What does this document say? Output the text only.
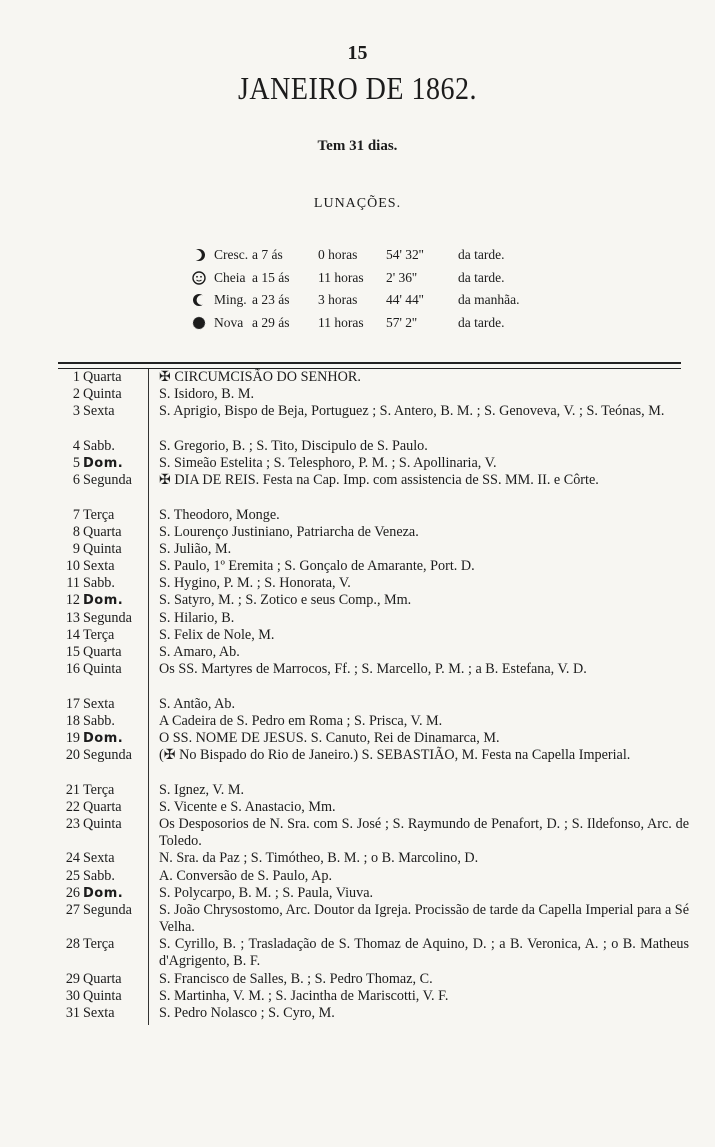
15
JANEIRO DE 1862.
Tem 31 dias.
LUNAÇÕES.
Cresc. a 7 ás	0 horas	54' 32''	da tarde.
Cheia a 15 ás	11 horas	2' 36''	da tarde.
Ming. a 23 ás	3 horas	44' 44''	da manhãa.
Nova a 29 ás	11 horas	57' 2''	da tarde.
1 Quarta	✠ CIRCUMCISÃO DO SENHOR.
2 Quinta	S. Isidoro, B. M.
3 Sexta	S. Aprigio, Bispo de Beja, Portuguez ; S. Antero, B. M. ; S. Genoveva, V. ; S. Teónas, M.
4 Sabb.	S. Gregorio, B. ; S. Tito, Discipulo de S. Paulo.
5 Dom.	S. Simeão Estelita ; S. Telesphoro, P. M. ; S. Apollinaria, V.
6 Segunda	✠ DIA DE REIS. Festa na Cap. Imp. com assistencia de SS. MM. II. e Côrte.
7 Terça	S. Theodoro, Monge.
8 Quarta	S. Lourenço Justiniano, Patriarcha de Veneza.
9 Quinta	S. Julião, M.
10 Sexta	S. Paulo, 1º Eremita ; S. Gonçalo de Amarante, Port. D.
11 Sabb.	S. Hygino, P. M. ; S. Honorata, V.
12 Dom.	S. Satyro, M. ; S. Zotico e seus Comp., Mm.
13 Segunda	S. Hilario, B.
14 Terça	S. Felix de Nole, M.
15 Quarta	S. Amaro, Ab.
16 Quinta	Os SS. Martyres de Marrocos, Ff. ; S. Marcello, P. M. ; a B. Estefana, V. D.
17 Sexta	S. Antão, Ab.
18 Sabb.	A Cadeira de S. Pedro em Roma ; S. Prisca, V. M.
19 Dom.	O SS. NOME DE JESUS. S. Canuto, Rei de Dinamarca, M.
20 Segunda	(✠ No Bispado do Rio de Janeiro.) S. SEBASTIÃO, M. Festa na Capella Imperial.
21 Terça	S. Ignez, V. M.
22 Quarta	S. Vicente e S. Anastacio, Mm.
23 Quinta	Os Desposorios de N. Sra. com S. José ; S. Raymundo de Penafort, D. ; S. Ildefonso, Arc. de Toledo.
24 Sexta	N. Sra. da Paz ; S. Timótheo, B. M. ; o B. Marcolino, D.
25 Sabb.	A. Conversão de S. Paulo, Ap.
26 Dom.	S. Polycarpo, B. M. ; S. Paula, Viuva.
27 Segunda	S. João Chrysostomo, Arc. Doutor da Igreja. Procissão de tarde da Capella Imperial para a Sé Velha.
28 Terça	S. Cyrillo, B. ; Trasladação de S. Thomaz de Aquino, D. ; a B. Veronica, A. ; o B. Matheus d'Agrigento, B. F.
29 Quarta	S. Francisco de Salles, B. ; S. Pedro Thomaz, C.
30 Quinta	S. Martinha, V. M. ; S. Jacintha de Mariscotti, V. F.
31 Sexta	S. Pedro Nolasco ; S. Cyro, M.
